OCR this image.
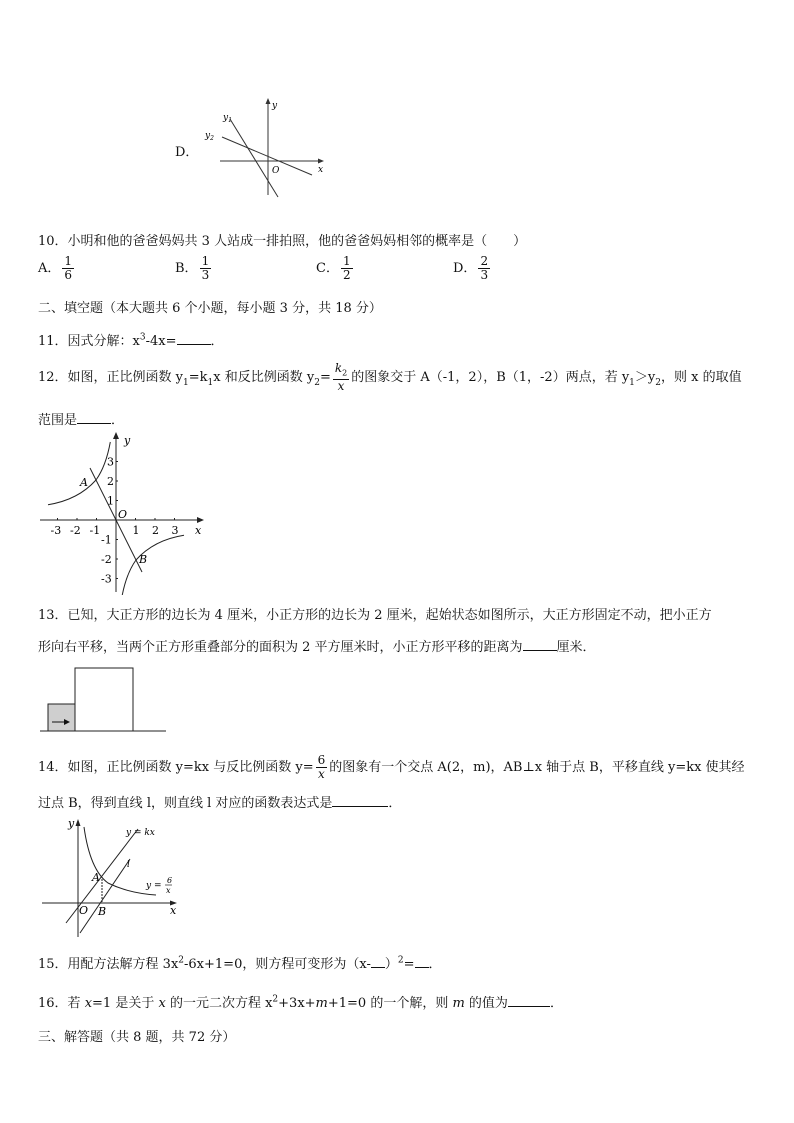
D．
y
x
O
$y_1$
$y_2$
10．小明和他的爸爸妈妈共 3 人站成一排拍照，他的爸爸妈妈相邻的概率是（　　）
A． $\frac{1}{6}$	B． $\frac{1}{3}$	C． $\frac{1}{2}$	D． $\frac{2}{3}$
二、填空题（本大题共 6 个小题，每小题 3 分，共 18 分）
11．因式分解：$x^3-4x=$	．
12．如图，正比例函数 $y_1=k_1x$ 和反比例函数 $y_2= \frac{k_2}{x}$ 的图象交于 A（-1，2），B（1，-2）两点，若 $y_1>y_2$，则 x 的取值
范围是	．
-3 -2 -1	1 2 3
3
2
1
-1
-2
-3
y
x
O
A
B
13．已知，大正方形的边长为 4 厘米，小正方形的边长为 2 厘米，起始状态如图所示，大正方形固定不动，把小正方
形向右平移，当两个正方形重叠部分的面积为 2 平方厘米时，小正方形平移的距离为	厘米．
14．如图，正比例函数 y=kx 与反比例函数 $y= \frac{6}{x}$ 的图象有一个交点 A(2，m)，AB⊥x 轴于点 B，平移直线 y=kx 使其经
过点 B，得到直线 l，则直线 l 对应的函数表达式是	．
y
x
O
A
B
y = kx
l
y =
6
x
15．用配方法解方程 $3x^2-6x+1=0$，则方程可变形为（x- ）$^2$= ．
16．若 x=1 是关于 x 的一元二次方程 $x^2+3x+m+1=0$ 的一个解，则 m 的值为	．
三、解答题（共 8 题，共 72 分）
